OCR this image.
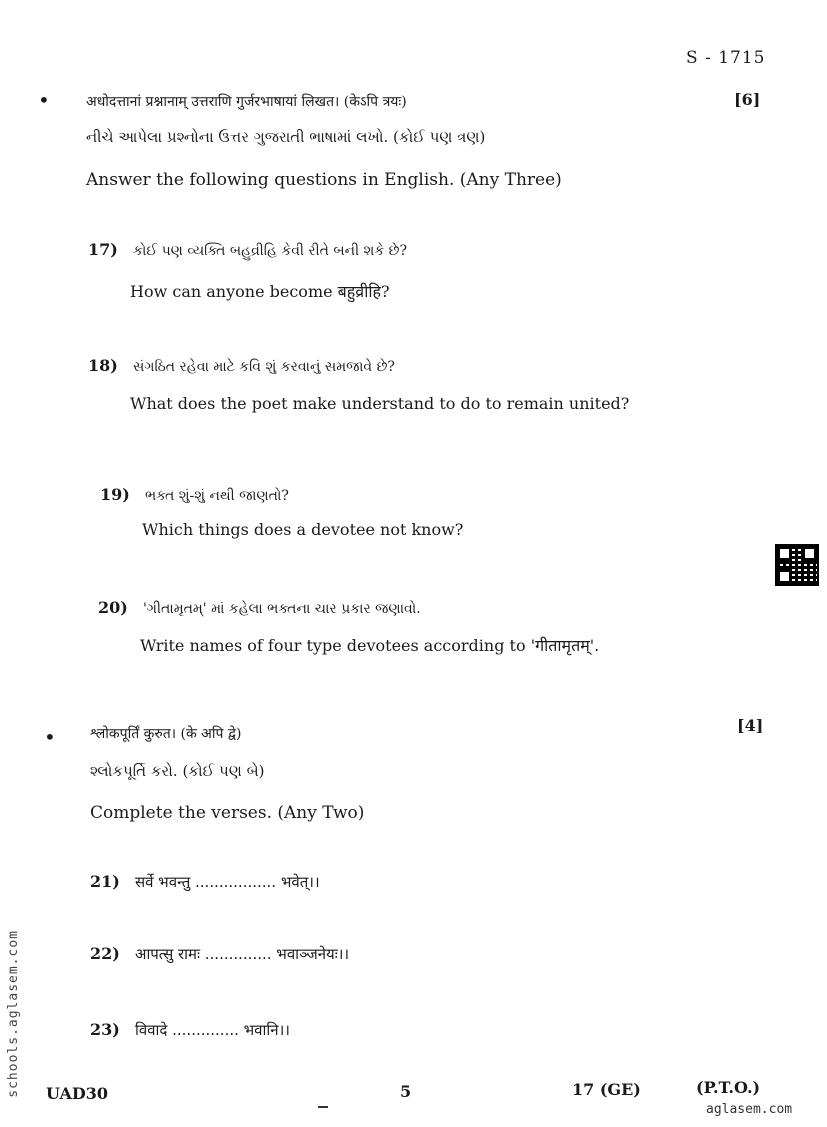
S - 1715
•	अधोदत्तानां प्रश्नानाम् उत्तराणि गुर्जरभाषायां लिखत। (केऽपि त्रयः)	[6]
નીચે આપેલા પ્રશ્નોના ઉત્તર ગુજરાતી ભાષામાં લખો. (કોઈ પણ ત્રણ)
Answer the following questions in English. (Any Three)
17) કોઈ પણ વ્યક્તિ બહુવ્રીહિ કેવી રીતે બની શકે છે?
How can anyone become बहुव्रीहि?
18) સંગઠિત રહેવા માટે કવિ શું કરવાનું સમજાવે છે?
What does the poet make understand to do to remain united?
19) ભક્ત શું-શું નથી જાણતો?
Which things does a devotee not know?
20) 'ગીતામૃતમ્' માં કહેલા ભક્તના ચાર પ્રકાર જણાવો.
Write names of four type devotees according to 'गीतामृतम्'.
• श्लोकपूर्तिं कुरुत। (के अपि द्वे)	[4]
શ્લોકપૂર્તિ કરો. (કોઈ પણ બે)
Complete the verses. (Any Two)
21) सर्वे भवन्तु ................. भवेत्।।
22) आपत्सु रामः .............. भवाञ्जनेयः।।
23) विवादे .............. भवानि।।
schools.aglasem.com UAD30	5	17 (GE)	(P.T.O.)
aglasem.com
